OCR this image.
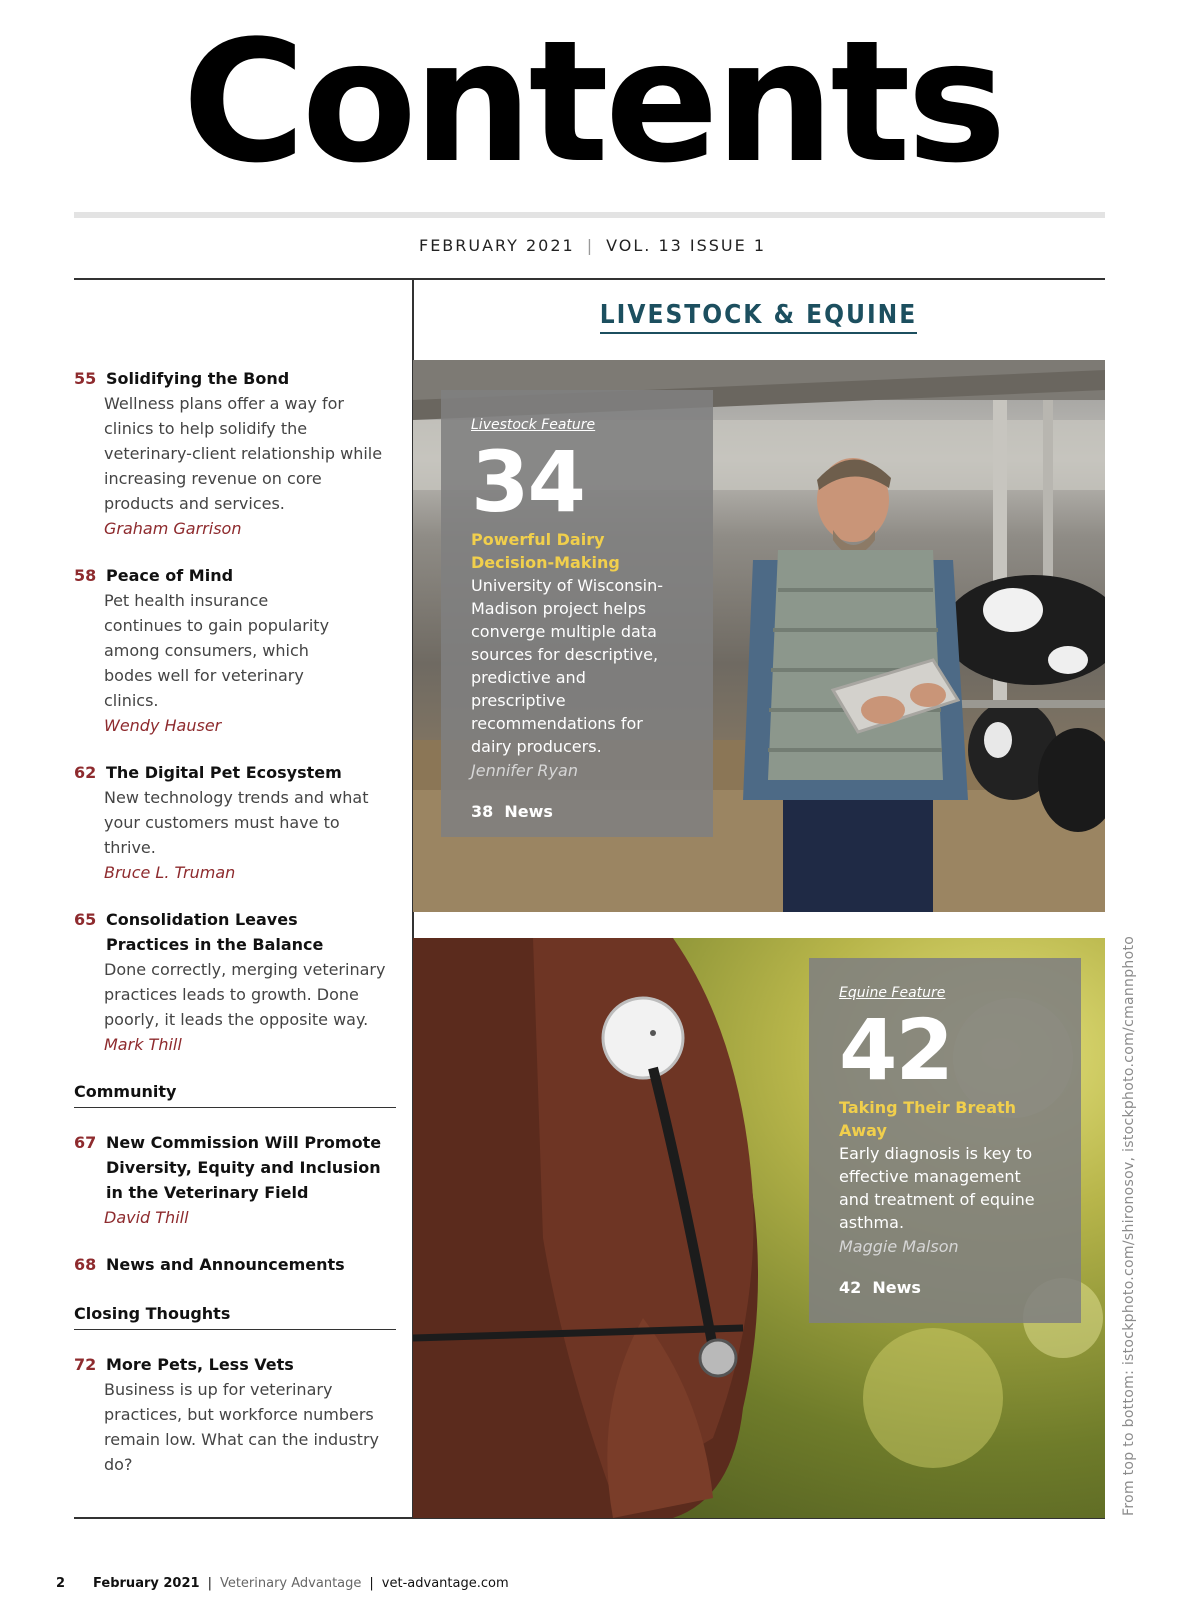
Contents
FEBRUARY 2021 | VOL. 13 ISSUE 1
LIVESTOCK & EQUINE
55 Solidifying the Bond
Wellness plans offer a way for clinics to help solidify the veterinary-client relationship while increasing revenue on core products and services.
Graham Garrison
58 Peace of Mind
Pet health insurance continues to gain popularity among consumers, which bodes well for veterinary clinics.
Wendy Hauser
62 The Digital Pet Ecosystem
New technology trends and what your customers must have to thrive.
Bruce L. Truman
65 Consolidation Leaves Practices in the Balance
Done correctly, merging veterinary practices leads to growth. Done poorly, it leads the opposite way.
Mark Thill
Community
67 New Commission Will Promote Diversity, Equity and Inclusion in the Veterinary Field
David Thill
68 News and Announcements
Closing Thoughts
72 More Pets, Less Vets
Business is up for veterinary practices, but workforce numbers remain low. What can the industry do?
Livestock Feature
34
Powerful Dairy Decision-Making
University of Wisconsin-Madison project helps converge multiple data sources for descriptive, predictive and prescriptive recommendations for dairy producers.
Jennifer Ryan
38  News
Equine Feature
42
Taking Their Breath Away
Early diagnosis is key to effective management and treatment of equine asthma.
Maggie Malson
42  News	From top to bottom: istockphoto.com/shironosov, istockphoto.com/cmannphoto
2 February 2021 | Veterinary Advantage | vet-advantage.com
